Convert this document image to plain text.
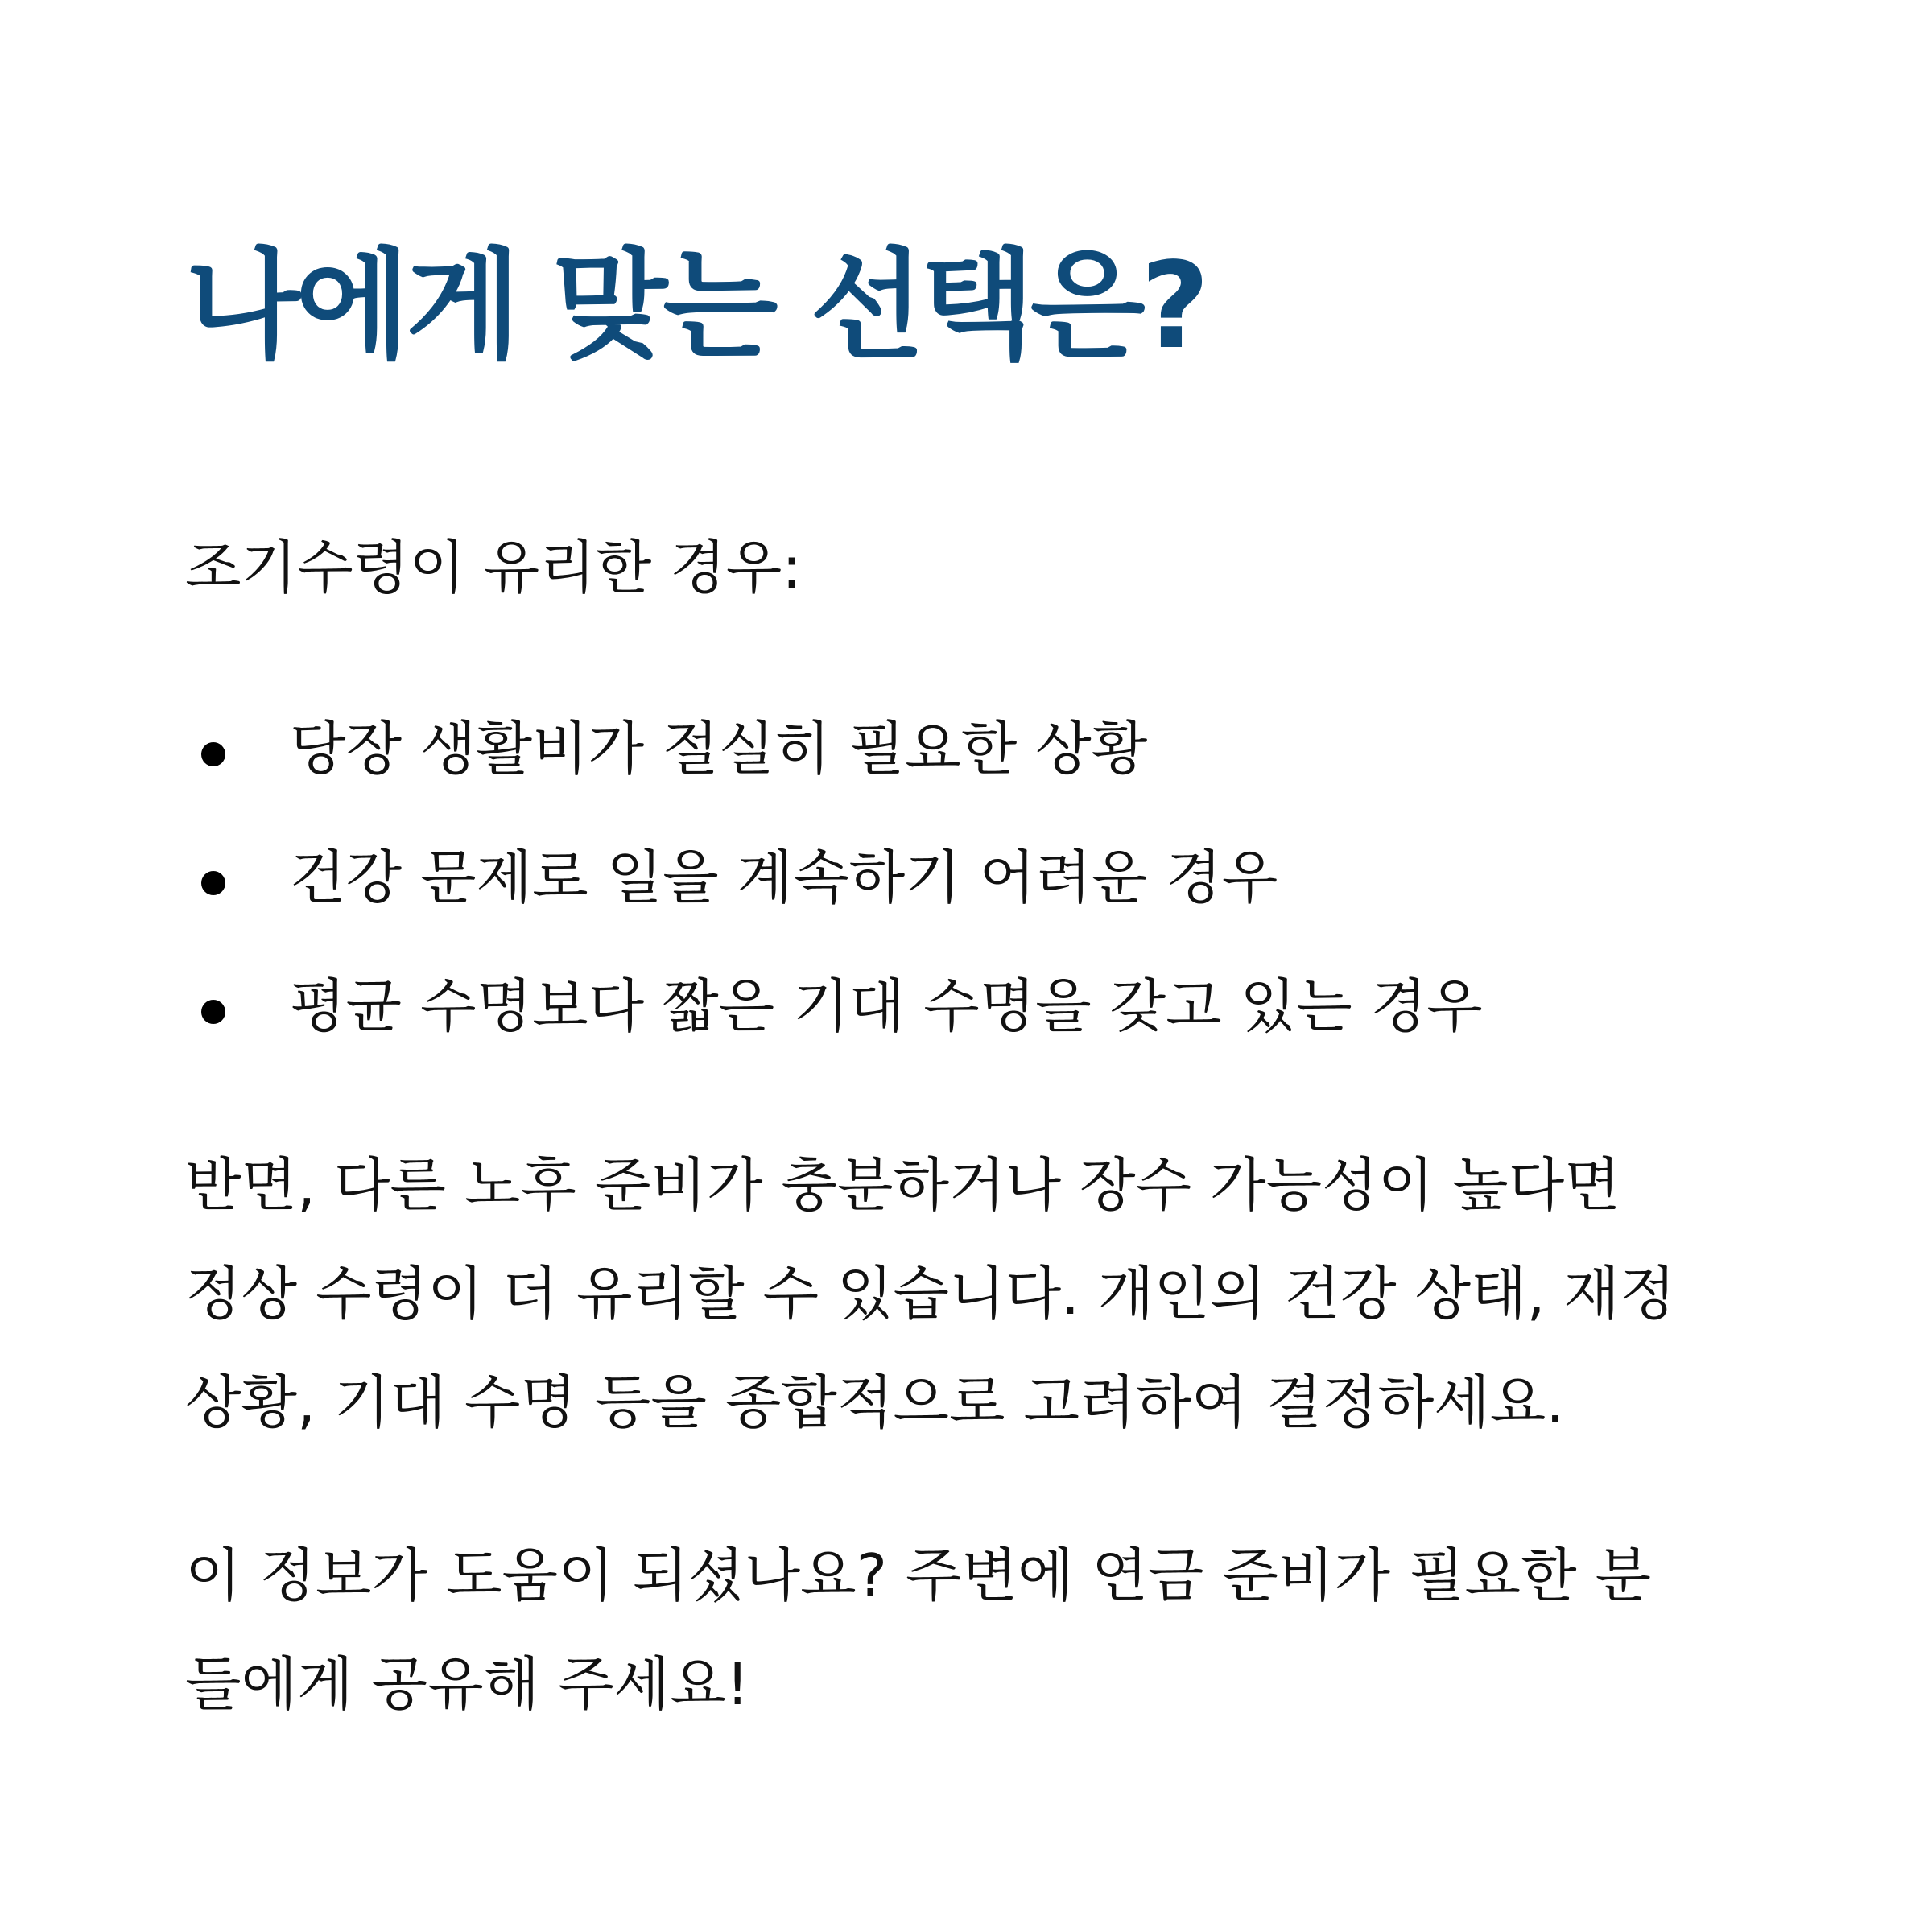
나에게 맞는 선택은?

조기수령이 유리한 경우:

당장 생활비가 절실히 필요한 상황
건강 문제로 일을 계속하기 어려운 경우
평균 수명보다 짧은 기대 수명을 갖고 있는 경우

반면, 다른 노후 준비가 충분하거나 장수 가능성이 높다면
정상 수령이 더 유리할 수 있습니다. 개인의 건강 상태, 재정
상황, 기대 수명 등을 종합적으로 고려하여 결정하세요.

이 정보가 도움이 되셨나요? 주변에 연금 준비가 필요한 분
들에게 공유해 주세요!
